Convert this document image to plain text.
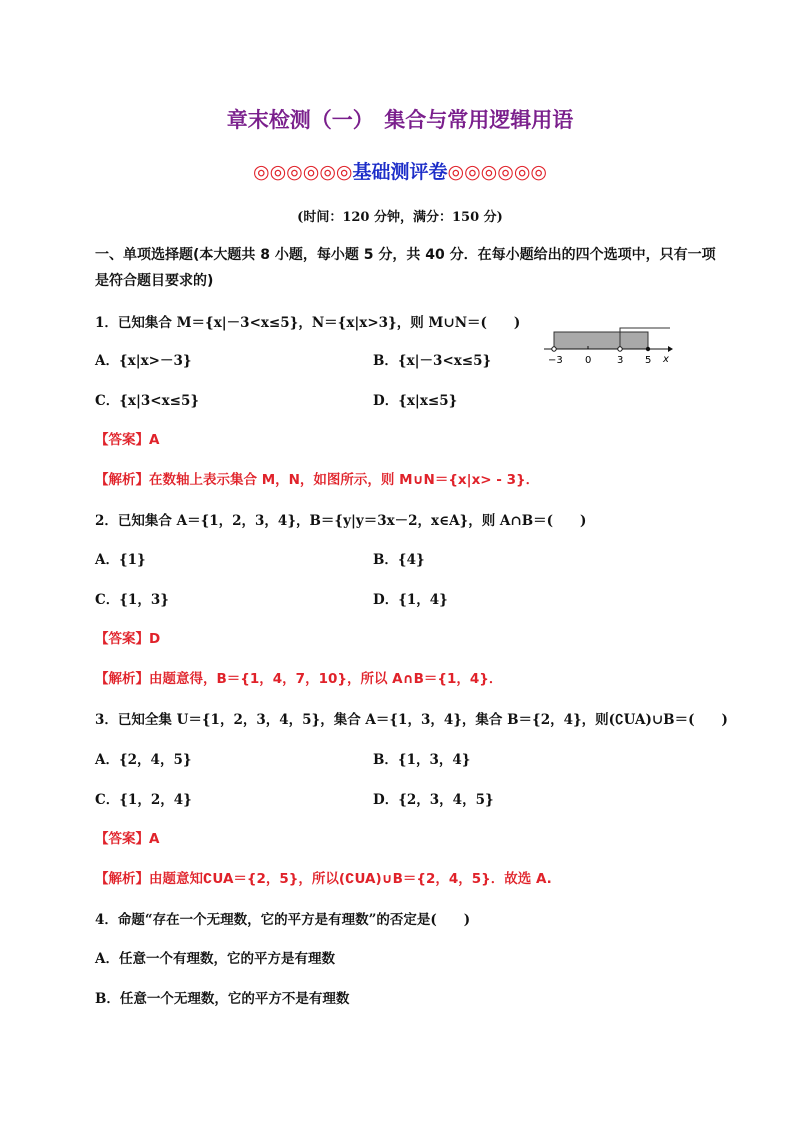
章末检测（一）　集合与常用逻辑用语
◎◎◎◎◎◎基础测评卷◎◎◎◎◎◎
(时间：120 分钟，满分：150 分)
一、单项选择题(本大题共 8 小题，每小题 5 分，共 40 分．在每小题给出的四个选项中，只有一项是符合题目要求的)
1．已知集合 M＝{x|－3<x≤5}，N＝{x|x>3}，则 M∪N＝(　　)
A．{x|x>－3}	B．{x|－3<x≤5}
C．{x|3<x≤5}	D．{x|x≤5}
−3 0	3 5 x
【答案】A
【解析】在数轴上表示集合 M，N，如图所示，则 M∪N＝{x|x> - 3}．
2．已知集合 A＝{1，2，3，4}，B＝{y|y＝3x－2，x∈A}，则 A∩B＝(　　)
A．{1}	B．{4}
C．{1，3}	D．{1，4}
【答案】D
【解析】由题意得，B＝{1，4，7，10}，所以 A∩B＝{1，4}．
3．已知全集 U＝{1，2，3，4，5}，集合 A＝{1，3，4}，集合 B＝{2，4}，则(∁UA)∪B＝(　　)
A．{2，4，5}	B．{1，3，4}
C．{1，2，4}	D．{2，3，4，5}
【答案】A
【解析】由题意知∁UA＝{2，5}，所以(∁UA)∪B＝{2，4，5}．故选 A.
4．命题“存在一个无理数，它的平方是有理数”的否定是(　　)
A．任意一个有理数，它的平方是有理数
B．任意一个无理数，它的平方不是有理数
